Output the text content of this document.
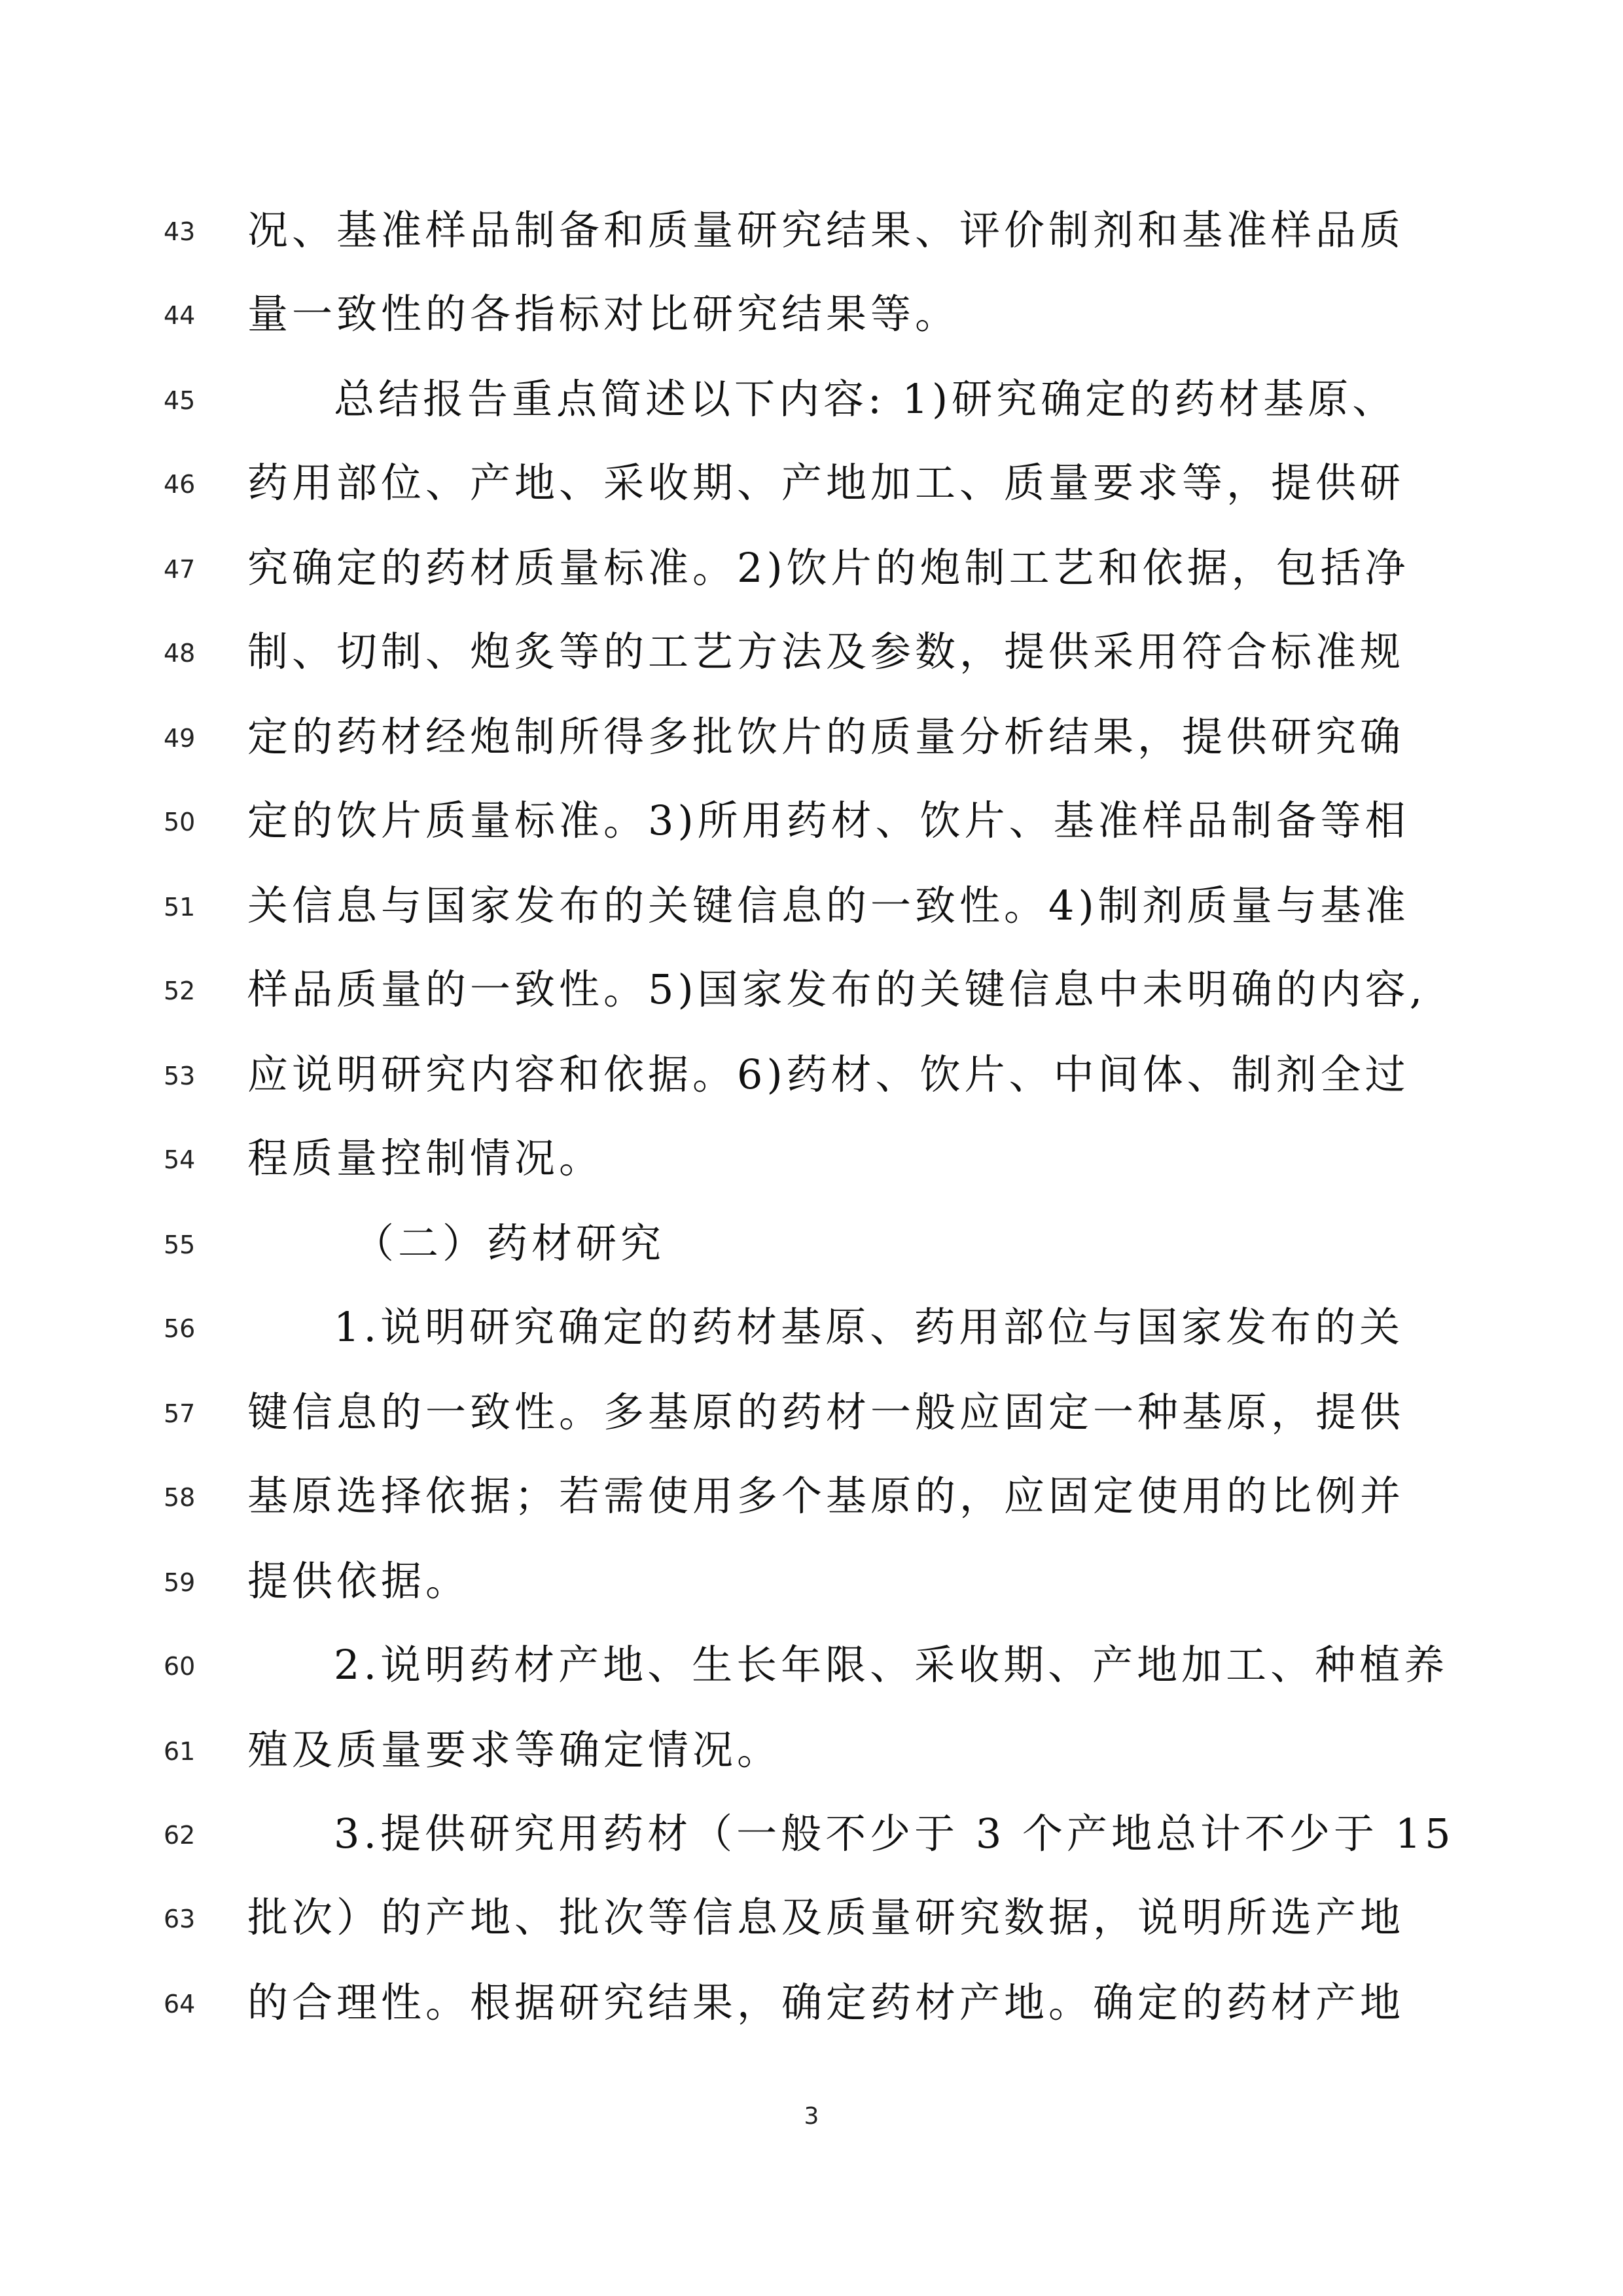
43	况、基准样品制备和质量研究结果、评价制剂和基准样品质
44	量一致性的各指标对比研究结果等。
45	总结报告重点简述以下内容: 1)研究确定的药材基原、
46	药用部位、产地、采收期、产地加工、质量要求等，提供研
47	究确定的药材质量标准。2)饮片的炮制工艺和依据，包括净
48	制、切制、炮炙等的工艺方法及参数，提供采用符合标准规
49	定的药材经炮制所得多批饮片的质量分析结果，提供研究确
50	定的饮片质量标准。3)所用药材、饮片、基准样品制备等相
51	关信息与国家发布的关键信息的一致性。4)制剂质量与基准
52	样品质量的一致性。5)国家发布的关键信息中未明确的内容,
53	应说明研究内容和依据。6)药材、饮片、中间体、制剂全过
54	程质量控制情况。
55	（二）药材研究
56	1.说明研究确定的药材基原、药用部位与国家发布的关
57	键信息的一致性。多基原的药材一般应固定一种基原，提供
58	基原选择依据；若需使用多个基原的，应固定使用的比例并
59	提供依据。
60	2.说明药材产地、生长年限、采收期、产地加工、种植养
61	殖及质量要求等确定情况。
62	3.提供研究用药材（一般不少于 3 个产地总计不少于 15
63	批次）的产地、批次等信息及质量研究数据，说明所选产地
64	的合理性。根据研究结果，确定药材产地。确定的药材产地
3
